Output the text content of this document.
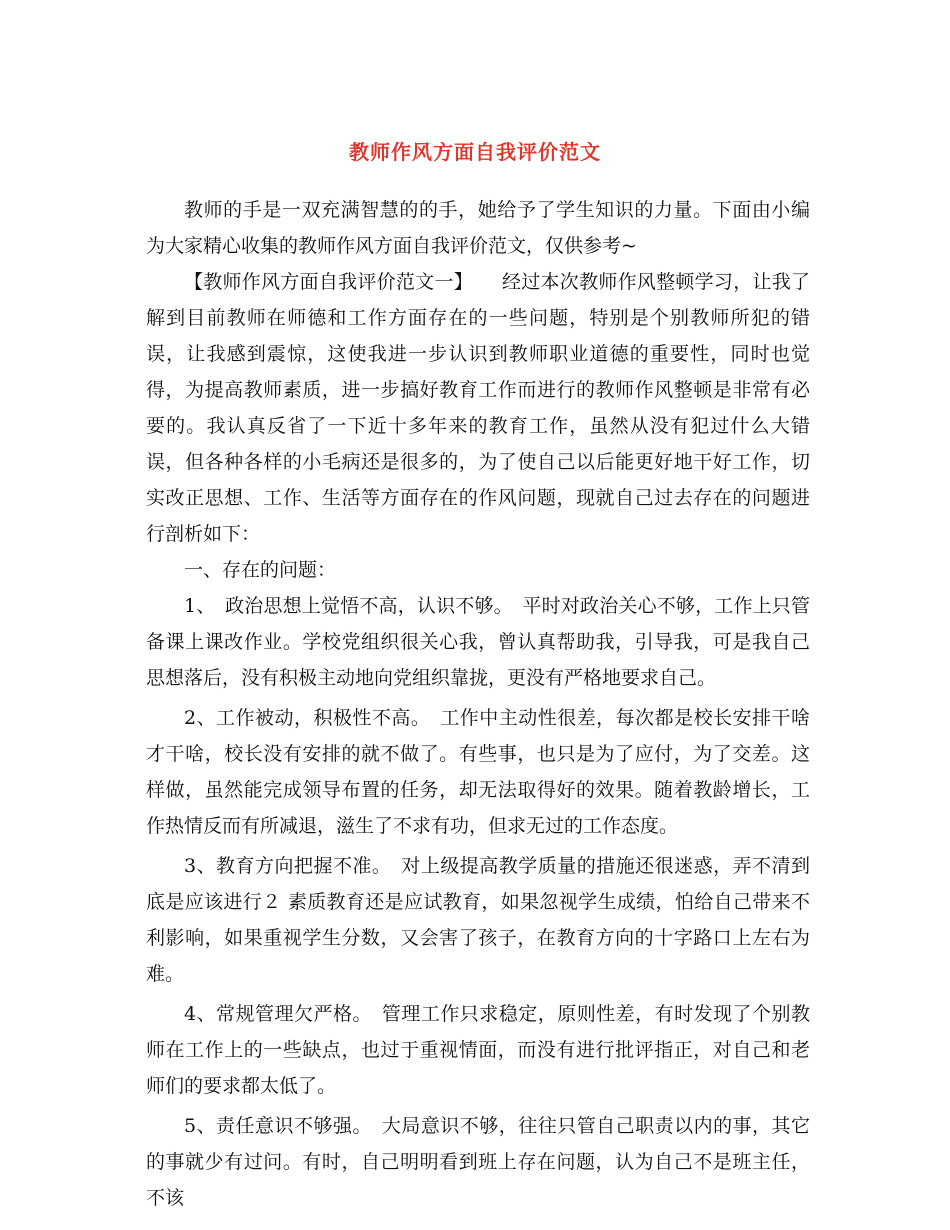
教师作风方面自我评价范文

教师的手是一双充满智慧的的手，她给予了学生知识的力量。下面由小编为大家精心收集的教师作风方面自我评价范文，仅供参考~

【教师作风方面自我评价范文一】　　经过本次教师作风整顿学习，让我了解到目前教师在师德和工作方面存在的一些问题，特别是个别教师所犯的错误，让我感到震惊，这使我进一步认识到教师职业道德的重要性，同时也觉得，为提高教师素质，进一步搞好教育工作而进行的教师作风整顿是非常有必要的。我认真反省了一下近十多年来的教育工作，虽然从没有犯过什么大错误，但各种各样的小毛病还是很多的，为了使自己以后能更好地干好工作，切实改正思想、工作、生活等方面存在的作风问题，现就自己过去存在的问题进行剖析如下：

一、存在的问题：

1、　政治思想上觉悟不高，认识不够。　平时对政治关心不够，工作上只管备课上课改作业。学校党组织很关心我，曾认真帮助我，引导我，可是我自己思想落后，没有积极主动地向党组织靠拢，更没有严格地要求自己。

2、工作被动，积极性不高。　工作中主动性很差，每次都是校长安排干啥才干啥，校长没有安排的就不做了。有些事，也只是为了应付，为了交差。这样做，虽然能完成领导布置的任务，却无法取得好的效果。随着教龄增长，工作热情反而有所减退，滋生了不求有功，但求无过的工作态度。

3、教育方向把握不准。　对上级提高教学质量的措施还很迷惑，弄不清到底是应该进行２ 素质教育还是应试教育，如果忽视学生成绩，怕给自己带来不利影响，如果重视学生分数，又会害了孩子，在教育方向的十字路口上左右为难。

4、常规管理欠严格。　管理工作只求稳定，原则性差，有时发现了个别教师在工作上的一些缺点，也过于重视情面，而没有进行批评指正，对自己和老师们的要求都太低了。

5、责任意识不够强。　大局意识不够，往往只管自己职责以内的事，其它的事就少有过问。有时，自己明明看到班上存在问题，认为自己不是班主任，不该
